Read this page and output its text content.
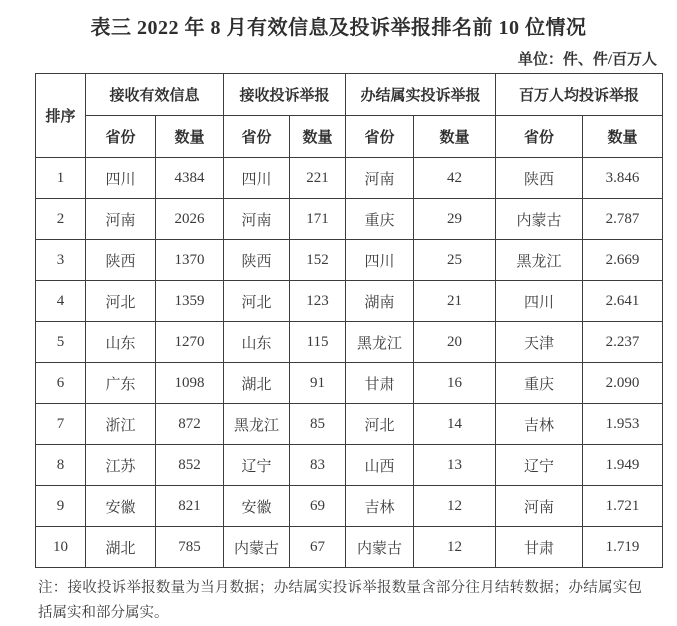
表三 2022 年 8 月有效信息及投诉举报排名前 10 位情况
单位：件、件/百万人
排序	接收有效信息		接收投诉举报		办结属实投诉举报		百万人均投诉举报	
	省份	数量	省份	数量	省份	数量	省份	数量
1	四川	4384	四川	221	河南	42	陕西	3.846
2	河南	2026	河南	171	重庆	29	内蒙古	2.787
3	陕西	1370	陕西	152	四川	25	黑龙江	2.669
4	河北	1359	河北	123	湖南	21	四川	2.641
5	山东	1270	山东	115	黑龙江	20	天津	2.237
6	广东	1098	湖北	91	甘肃	16	重庆	2.090
7	浙江	872	黑龙江	85	河北	14	吉林	1.953
8	江苏	852	辽宁	83	山西	13	辽宁	1.949
9	安徽	821	安徽	69	吉林	12	河南	1.721
10	湖北	785	内蒙古	67	内蒙古	12	甘肃	1.719
注：接收投诉举报数量为当月数据；办结属实投诉举报数量含部分往月结转数据；办结属实包括属实和部分属实。
